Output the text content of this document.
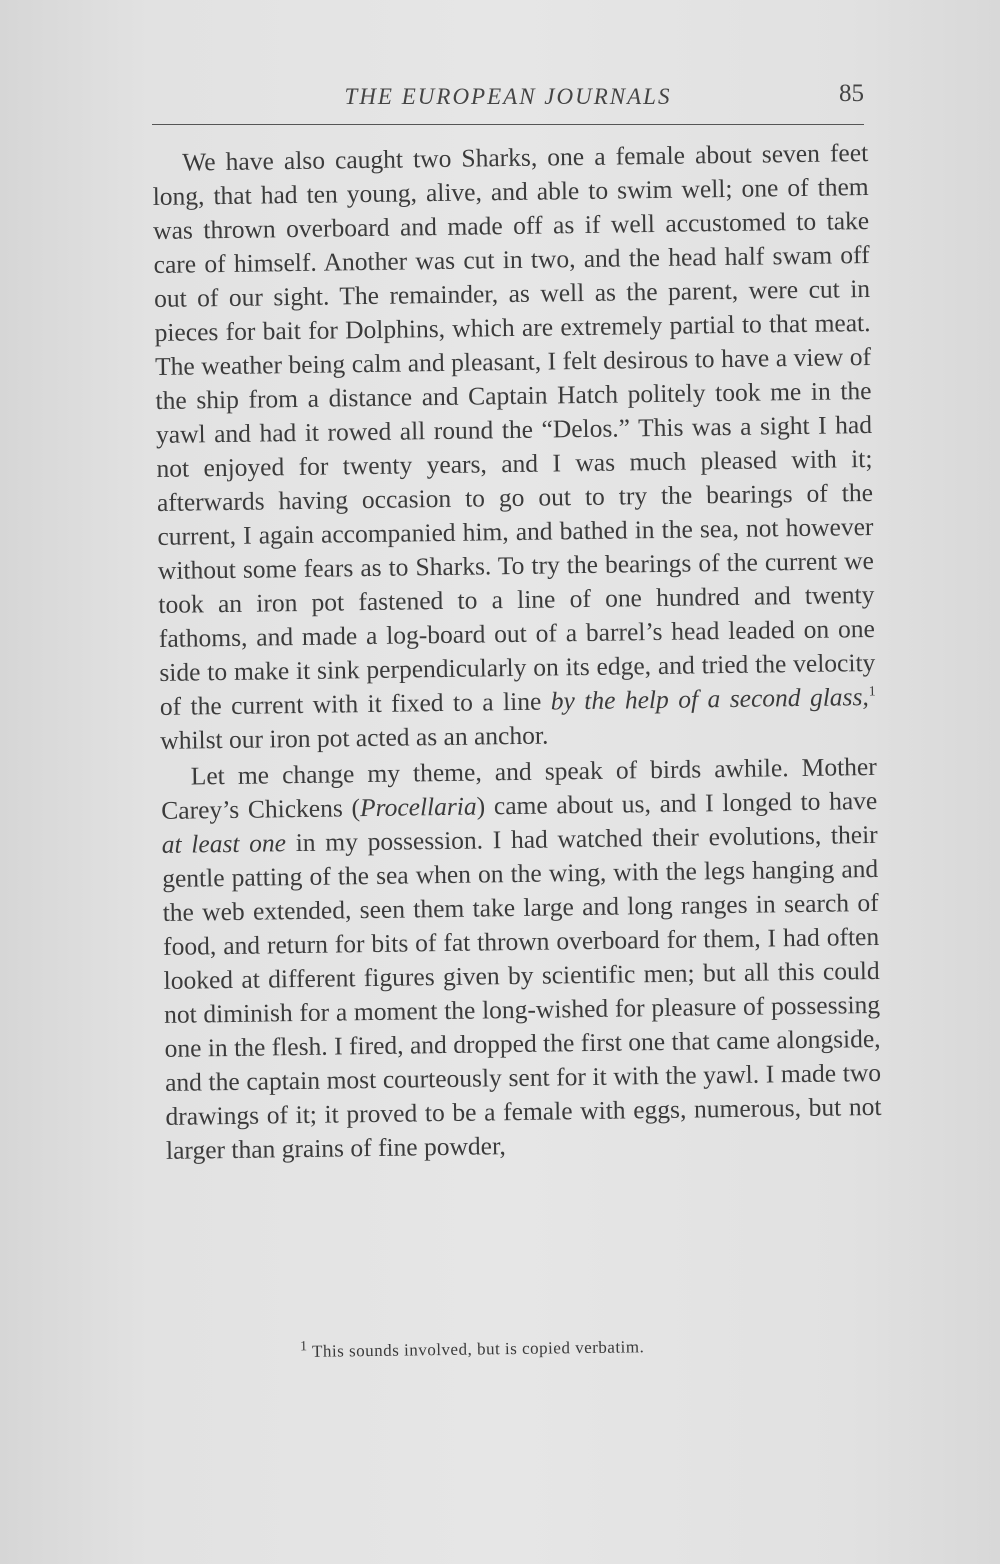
THE EUROPEAN JOURNALS	85

We have also caught two Sharks, one a female about seven feet long, that had ten young, alive, and able to swim well; one of them was thrown overboard and made off as if well accustomed to take care of himself. Another was cut in two, and the head half swam off out of our sight. The remainder, as well as the parent, were cut in pieces for bait for Dolphins, which are extremely partial to that meat. The weather being calm and pleasant, I felt desirous to have a view of the ship from a distance and Captain Hatch politely took me in the yawl and had it rowed all round the “Delos.” This was a sight I had not enjoyed for twenty years, and I was much pleased with it; afterwards having occasion to go out to try the bearings of the current, I again accompanied him, and bathed in the sea, not however without some fears as to Sharks. To try the bearings of the current we took an iron pot fastened to a line of one hundred and twenty fathoms, and made a log-board out of a barrel’s head leaded on one side to make it sink perpendicularly on its edge, and tried the velocity of the current with it fixed to a line by the help of a second glass,$^1$ whilst our iron pot acted as an anchor.

Let me change my theme, and speak of birds awhile. Mother Carey’s Chickens (Procellaria) came about us, and I longed to have at least one in my possession. I had watched their evolutions, their gentle patting of the sea when on the wing, with the legs hanging and the web extended, seen them take large and long ranges in search of food, and return for bits of fat thrown overboard for them, I had often looked at different figures given by scientific men; but all this could not diminish for a moment the long-wished for pleasure of possessing one in the flesh. I fired, and dropped the first one that came alongside, and the captain most courteously sent for it with the yawl. I made two drawings of it; it proved to be a female with eggs, numerous, but not larger than grains of fine powder,

$^1$ This sounds involved, but is copied verbatim.
